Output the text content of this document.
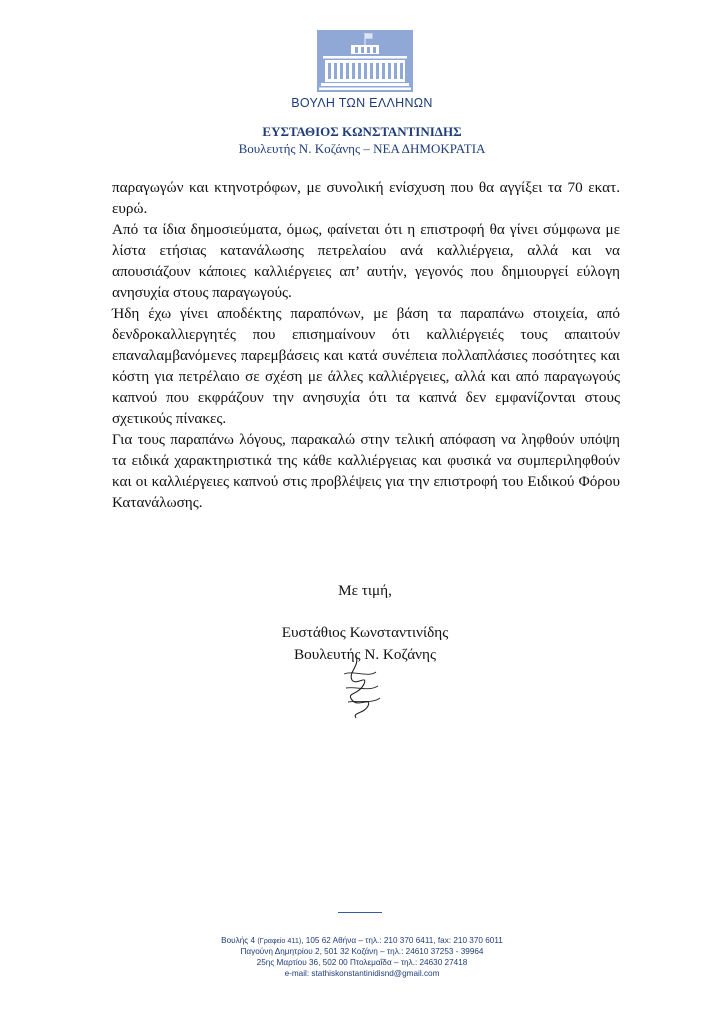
ΒΟΥΛΗ ΤΩΝ ΕΛΛΗΝΩΝ
ΕΥΣΤΑΘΙΟΣ ΚΩΝΣΤΑΝΤΙΝΙΔΗΣ
Βουλευτής Ν. Κοζάνης – ΝΕΑ ΔΗΜΟΚΡΑΤΙΑ

παραγωγών και κτηνοτρόφων, με συνολική ενίσχυση που θα αγγίξει τα 70 εκατ. ευρώ.

Από τα ίδια δημοσιεύματα, όμως, φαίνεται ότι η επιστροφή θα γίνει σύμφωνα με λίστα ετήσιας κατανάλωσης πετρελαίου ανά καλλιέργεια, αλλά και να απουσιάζουν κάποιες καλλιέργειες απ’ αυτήν, γεγονός που δημιουργεί εύλογη ανησυχία στους παραγωγούς.

Ήδη έχω γίνει αποδέκτης παραπόνων, με βάση τα παραπάνω στοιχεία, από δενδροκαλλιεργητές που επισημαίνουν ότι καλλιέργειές τους απαιτούν επαναλαμβανόμενες παρεμβάσεις και κατά συνέπεια πολλαπλάσιες ποσότητες και κόστη για πετρέλαιο σε σχέση με άλλες καλλιέργειες, αλλά και από παραγωγούς καπνού που εκφράζουν την ανησυχία ότι τα καπνά δεν εμφανίζονται στους σχετικούς πίνακες.

Για τους παραπάνω λόγους, παρακαλώ στην τελική απόφαση να ληφθούν υπόψη τα ειδικά χαρακτηριστικά της κάθε καλλιέργειας και φυσικά να συμπεριληφθούν και οι καλλιέργειες καπνού στις προβλέψεις για την επιστροφή του Ειδικού Φόρου Κατανάλωσης.

Με τιμή,
Ευστάθιος Κωνσταντινίδης
Βουλευτής Ν. Κοζάνης
Βουλής 4 (Γραφείο 411), 105 62 Αθήνα – τηλ.: 210 370 6411, fax: 210 370 6011
Παγούνη Δημητρίου 2, 501 32 Κοζάνη – τηλ.: 24610 37253 - 39964
25ης Μαρτίου 36, 502 00 Πτολεμαΐδα – τηλ.: 24630 27418
e-mail: stathiskonstantinidisnd@gmail.com
